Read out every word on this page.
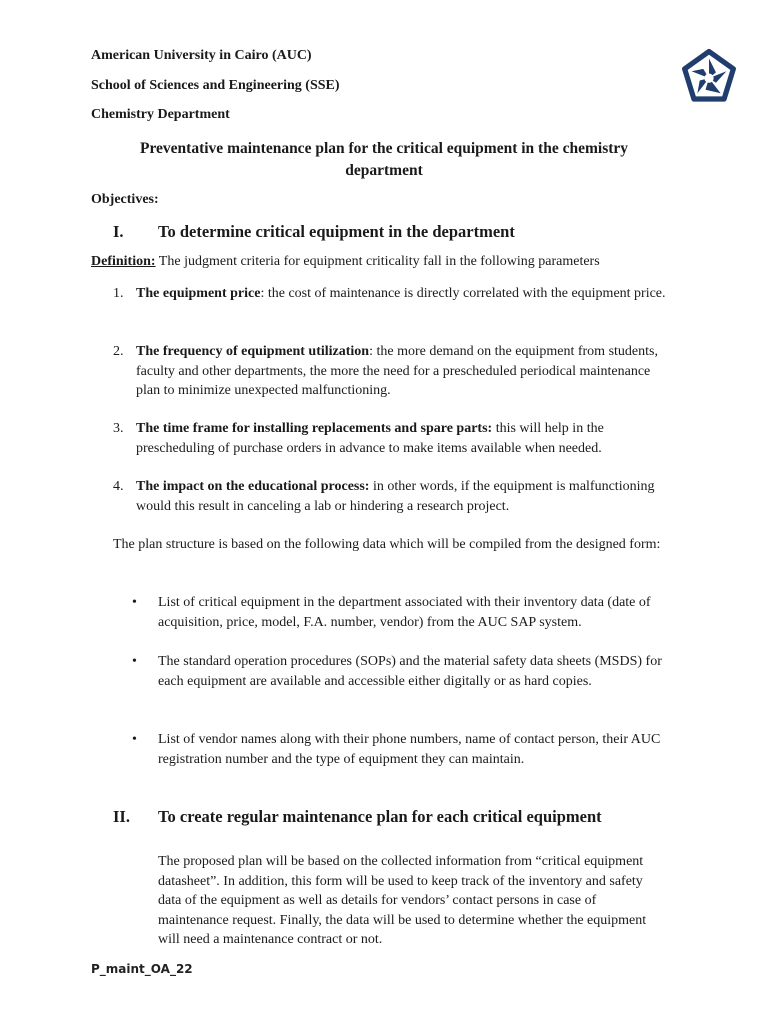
American University in Cairo (AUC)
School of Sciences and Engineering (SSE)
Chemistry Department
Preventative maintenance plan for the critical equipment in the chemistry department
Objectives:
I. To determine critical equipment in the department
Definition: The judgment criteria for equipment criticality fall in the following parameters
1. The equipment price: the cost of maintenance is directly correlated with the equipment price.
2. The frequency of equipment utilization: the more demand on the equipment from students, faculty and other departments, the more the need for a prescheduled periodical maintenance plan to minimize unexpected malfunctioning.
3. The time frame for installing replacements and spare parts: this will help in the prescheduling of purchase orders in advance to make items available when needed.
4. The impact on the educational process: in other words, if the equipment is malfunctioning would this result in canceling a lab or hindering a research project.
The plan structure is based on the following data which will be compiled from the designed form:
• List of critical equipment in the department associated with their inventory data (date of acquisition, price, model, F.A. number, vendor) from the AUC SAP system.
• The standard operation procedures (SOPs) and the material safety data sheets (MSDS) for each equipment are available and accessible either digitally or as hard copies.
• List of vendor names along with their phone numbers, name of contact person, their AUC registration number and the type of equipment they can maintain.
II. To create regular maintenance plan for each critical equipment
The proposed plan will be based on the collected information from “critical equipment datasheet”. In addition, this form will be used to keep track of the inventory and safety data of the equipment as well as details for vendors’ contact persons in case of maintenance request. Finally, the data will be used to determine whether the equipment will need a maintenance contract or not.
P_maint_OA_22
